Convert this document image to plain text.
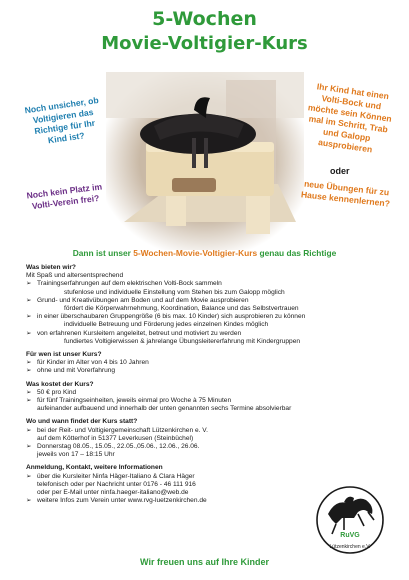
5-Wochen
Movie-Voltigier-Kurs
Noch unsicher, ob Voltigieren das Richtige für Ihr Kind ist?
Noch kein Platz im Volti-Verein frei?
Ihr Kind hat einen Volti-Bock und möchte sein Können mal im Schritt, Trab und Galopp ausprobieren
oder
neue Übungen für zu Hause kennenlernen?
Dann ist unser 5-Wochen-Movie-Voltigier-Kurs genau das Richtige
Was bieten wir?
Mit Spaß und altersentsprechend
➢ Trainingserfahrungen auf dem elektrischen Volti-Bock sammeln
stufenlose und individuelle Einstellung vom Stehen bis zum Galopp möglich
➢ Grund- und Kreativübungen am Boden und auf dem Movie ausprobieren
fördert die Körperwahrnehmung, Koordination, Balance und das Selbstvertrauen
➢ in einer überschaubaren Gruppengröße (6 bis max. 10 Kinder) sich ausprobieren zu können
individuelle Betreuung und Förderung jedes einzelnen Kindes möglich
➢ von erfahrenen Kursleitern angeleitet, betreut und motiviert zu werden
fundiertes Voltigierwissen & jahrelange Übungsleitererfahrung mit Kindergruppen
Für wen ist unser Kurs?
➢ für Kinder im Alter von 4 bis 10 Jahren
➢ ohne und mit Vorerfahrung
Was kostet der Kurs?
➢ 50 € pro Kind
➢ für fünf Trainingseinheiten, jeweils einmal pro Woche à 75 Minuten
aufeinander aufbauend und innerhalb der unten genannten sechs Termine absolvierbar
Wo und wann findet der Kurs statt?
➢ bei der Reit- und Voltigiergemeinschaft Lützenkirchen e. V.
auf dem Kötterhof in 51377 Leverkusen (Steinbüchel)
➢ Donnerstag 08.05., 15.05., 22.05.,05.06., 12.06., 26.06.
jeweils von 17 – 18:15 Uhr
Anmeldung, Kontakt, weitere Informationen
➢ über die Kursleiter Ninfa Häger-Italiano & Clara Häger
telefonisch oder per Nachricht unter 0176 - 46 111 916
oder per E-Mail unter ninfa.haeger-italiano@web.de
➢ weitere Infos zum Verein unter www.rvg-luetzenkirchen.de
RuVG
Lützenkirchen e.V.
Wir freuen uns auf Ihre Kinder
